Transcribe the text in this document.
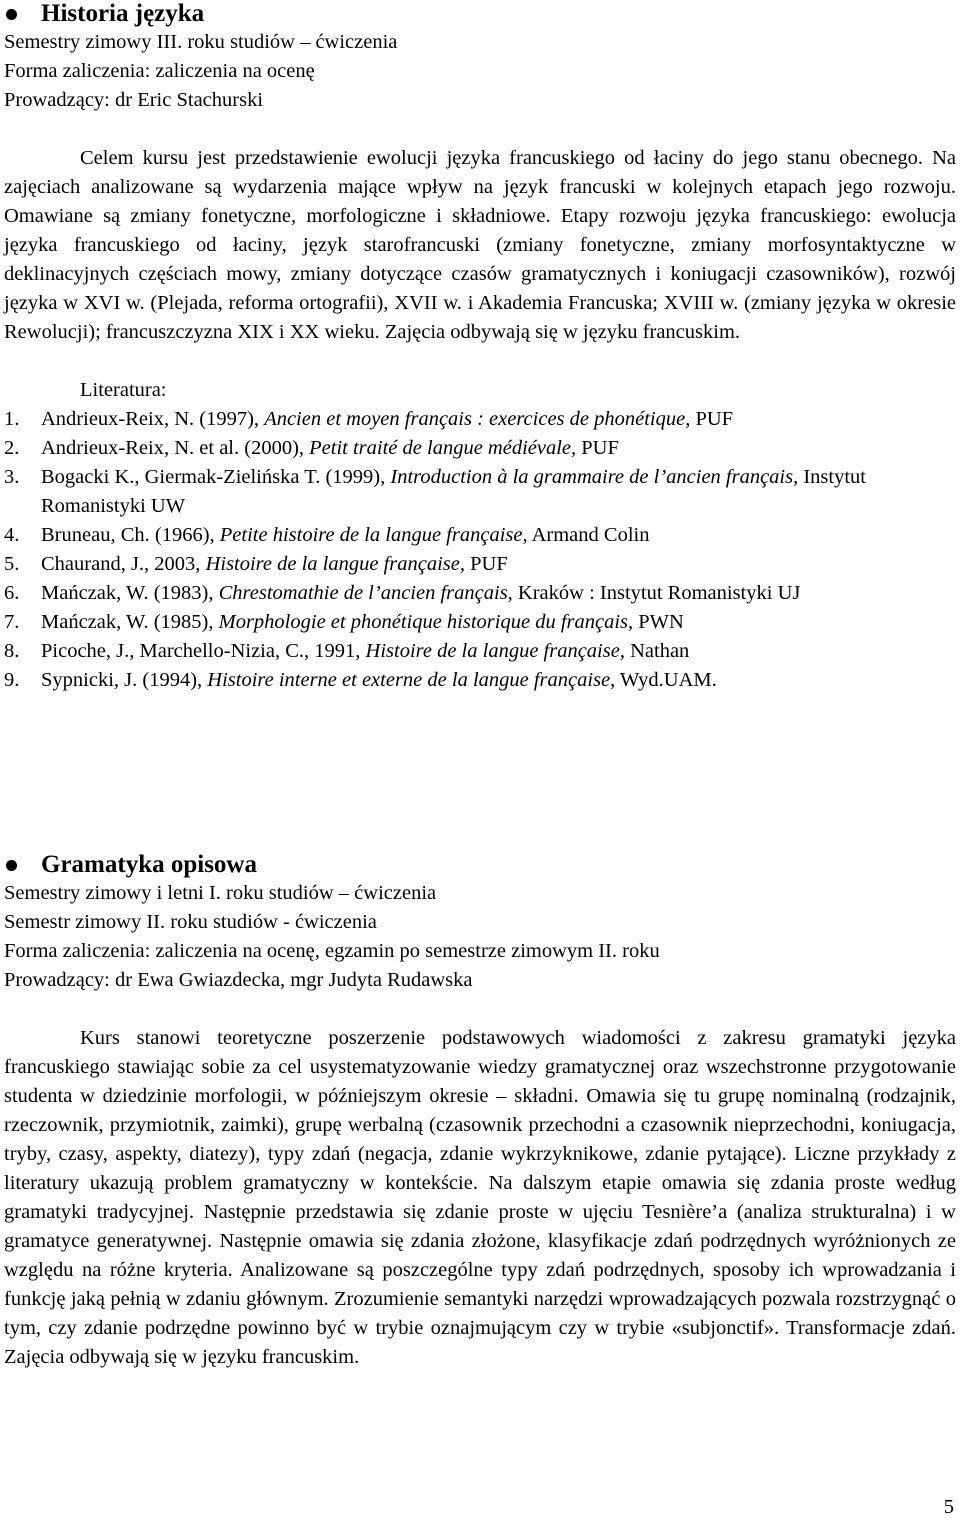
Historia języka
Semestry zimowy III. roku studiów – ćwiczenia
Forma zaliczenia: zaliczenia na ocenę
Prowadzący: dr Eric Stachurski

Celem kursu jest przedstawienie ewolucji języka francuskiego od łaciny do jego stanu obecnego. Na zajęciach analizowane są wydarzenia mające wpływ na język francuski w kolejnych etapach jego rozwoju. Omawiane są zmiany fonetyczne, morfologiczne i składniowe. Etapy rozwoju języka francuskiego: ewolucja języka francuskiego od łaciny, język starofrancuski (zmiany fonetyczne, zmiany morfosyntaktyczne w deklinacyjnych częściach mowy, zmiany dotyczące czasów gramatycznych i koniugacji czasowników), rozwój języka w XVI w. (Plejada, reforma ortografii), XVII w. i Akademia Francuska; XVIII w. (zmiany języka w okresie Rewolucji); francuszczyzna XIX i XX wieku. Zajęcia odbywają się w języku francuskim.

Literatura:
1. Andrieux-Reix, N. (1997), Ancien et moyen français : exercices de phonétique, PUF
2. Andrieux-Reix, N. et al. (2000), Petit traité de langue médiévale, PUF
3. Bogacki K., Giermak-Zielińska T. (1999), Introduction à la grammaire de l’ancien français, Instytut Romanistyki UW
4. Bruneau, Ch. (1966), Petite histoire de la langue française, Armand Colin
5. Chaurand, J., 2003, Histoire de la langue française, PUF
6. Mańczak, W. (1983), Chrestomathie de l’ancien français, Kraków : Instytut Romanistyki UJ
7. Mańczak, W. (1985), Morphologie et phonétique historique du français, PWN
8. Picoche, J., Marchello-Nizia, C., 1991, Histoire de la langue française, Nathan
9. Sypnicki, J. (1994), Histoire interne et externe de la langue française, Wyd.UAM.
Gramatyka opisowa
Semestry zimowy i letni I. roku studiów – ćwiczenia
Semestr zimowy II. roku studiów - ćwiczenia
Forma zaliczenia: zaliczenia na ocenę, egzamin po semestrze zimowym II. roku
Prowadzący: dr Ewa Gwiazdecka, mgr Judyta Rudawska

Kurs stanowi teoretyczne poszerzenie podstawowych wiadomości z zakresu gramatyki języka francuskiego stawiając sobie za cel usystematyzowanie wiedzy gramatycznej oraz wszechstronne przygotowanie studenta w dziedzinie morfologii, w późniejszym okresie – składni. Omawia się tu grupę nominalną (rodzajnik, rzeczownik, przymiotnik, zaimki), grupę werbalną (czasownik przechodni a czasownik nieprzechodni, koniugacja, tryby, czasy, aspekty, diatezy), typy zdań (negacja, zdanie wykrzyknikowe, zdanie pytające). Liczne przykłady z literatury ukazują problem gramatyczny w kontekście. Na dalszym etapie omawia się zdania proste według gramatyki tradycyjnej. Następnie przedstawia się zdanie proste w ujęciu Tesnière’a (analiza strukturalna) i w gramatyce generatywnej. Następnie omawia się zdania złożone, klasyfikacje zdań podrzędnych wyróżnionych ze względu na różne kryteria. Analizowane są poszczególne typy zdań podrzędnych, sposoby ich wprowadzania i funkcję jaką pełnią w zdaniu głównym. Zrozumienie semantyki narzędzi wprowadzających pozwala rozstrzygnąć o tym, czy zdanie podrzędne powinno być w trybie oznajmującym czy w trybie «subjonctif». Transformacje zdań. Zajęcia odbywają się w języku francuskim.

5
